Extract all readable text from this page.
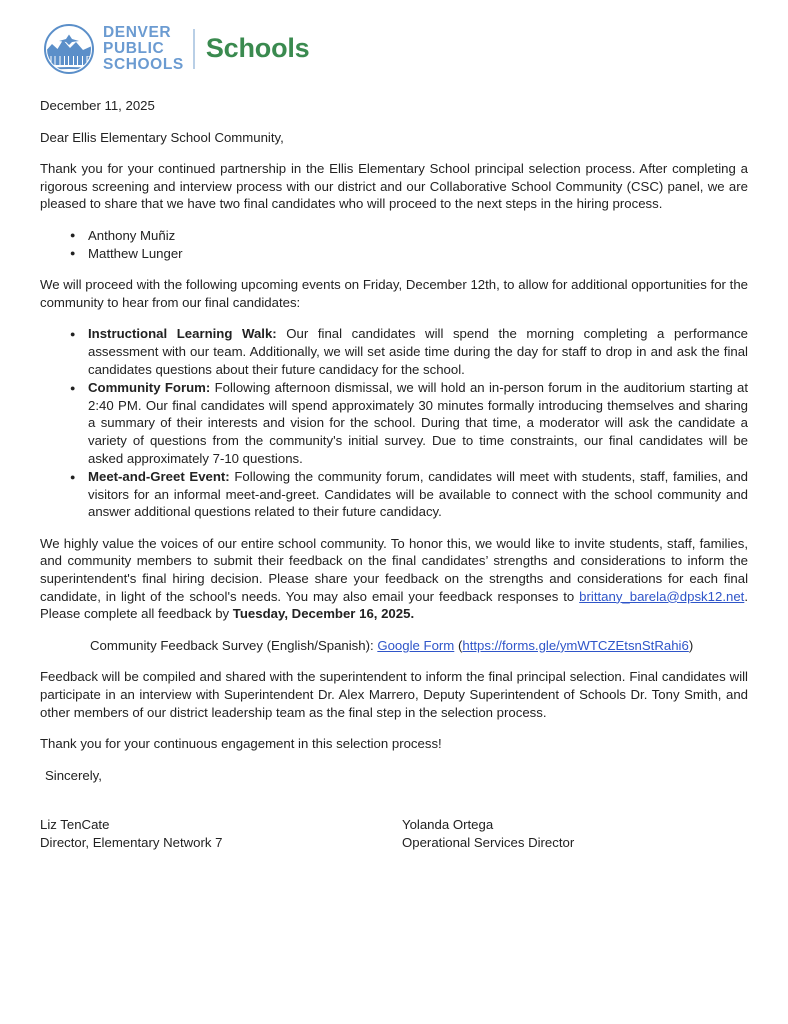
DENVER
PUBLIC
SCHOOLS
Schools

December 11, 2025

Dear Ellis Elementary School Community,

Thank you for your continued partnership in the Ellis Elementary School principal selection process. After completing a rigorous screening and interview process with our district and our Collaborative School Community (CSC) panel, we are pleased to share that we have two final candidates who will proceed to the next steps in the hiring process.

● Anthony Muñiz
● Matthew Lunger

We will proceed with the following upcoming events on Friday, December 12th, to allow for additional opportunities for the community to hear from our final candidates:

● Instructional Learning Walk: Our final candidates will spend the morning completing a performance assessment with our team. Additionally, we will set aside time during the day for staff to drop in and ask the final candidates questions about their future candidacy for the school.
● Community Forum: Following afternoon dismissal, we will hold an in-person forum in the auditorium starting at 2:40 PM. Our final candidates will spend approximately 30 minutes formally introducing themselves and sharing a summary of their interests and vision for the school. During that time, a moderator will ask the candidate a variety of questions from the community's initial survey. Due to time constraints, our final candidates will be asked approximately 7-10 questions.
● Meet-and-Greet Event: Following the community forum, candidates will meet with students, staff, families, and visitors for an informal meet-and-greet. Candidates will be available to connect with the school community and answer additional questions related to their future candidacy.

We highly value the voices of our entire school community. To honor this, we would like to invite students, staff, families, and community members to submit their feedback on the final candidates’ strengths and considerations to inform the superintendent's final hiring decision. Please share your feedback on the strengths and considerations for each final candidate, in light of the school's needs. You may also email your feedback responses to brittany_barela@dpsk12.net. Please complete all feedback by Tuesday, December 16, 2025.

Community Feedback Survey (English/Spanish): Google Form (https://forms.gle/ymWTCZEtsnStRahi6)

Feedback will be compiled and shared with the superintendent to inform the final principal selection. Final candidates will participate in an interview with Superintendent Dr. Alex Marrero, Deputy Superintendent of Schools Dr. Tony Smith, and other members of our district leadership team as the final step in the selection process.

Thank you for your continuous engagement in this selection process!

Sincerely,

Liz TenCate
Director, Elementary Network 7
Yolanda Ortega
Operational Services Director
